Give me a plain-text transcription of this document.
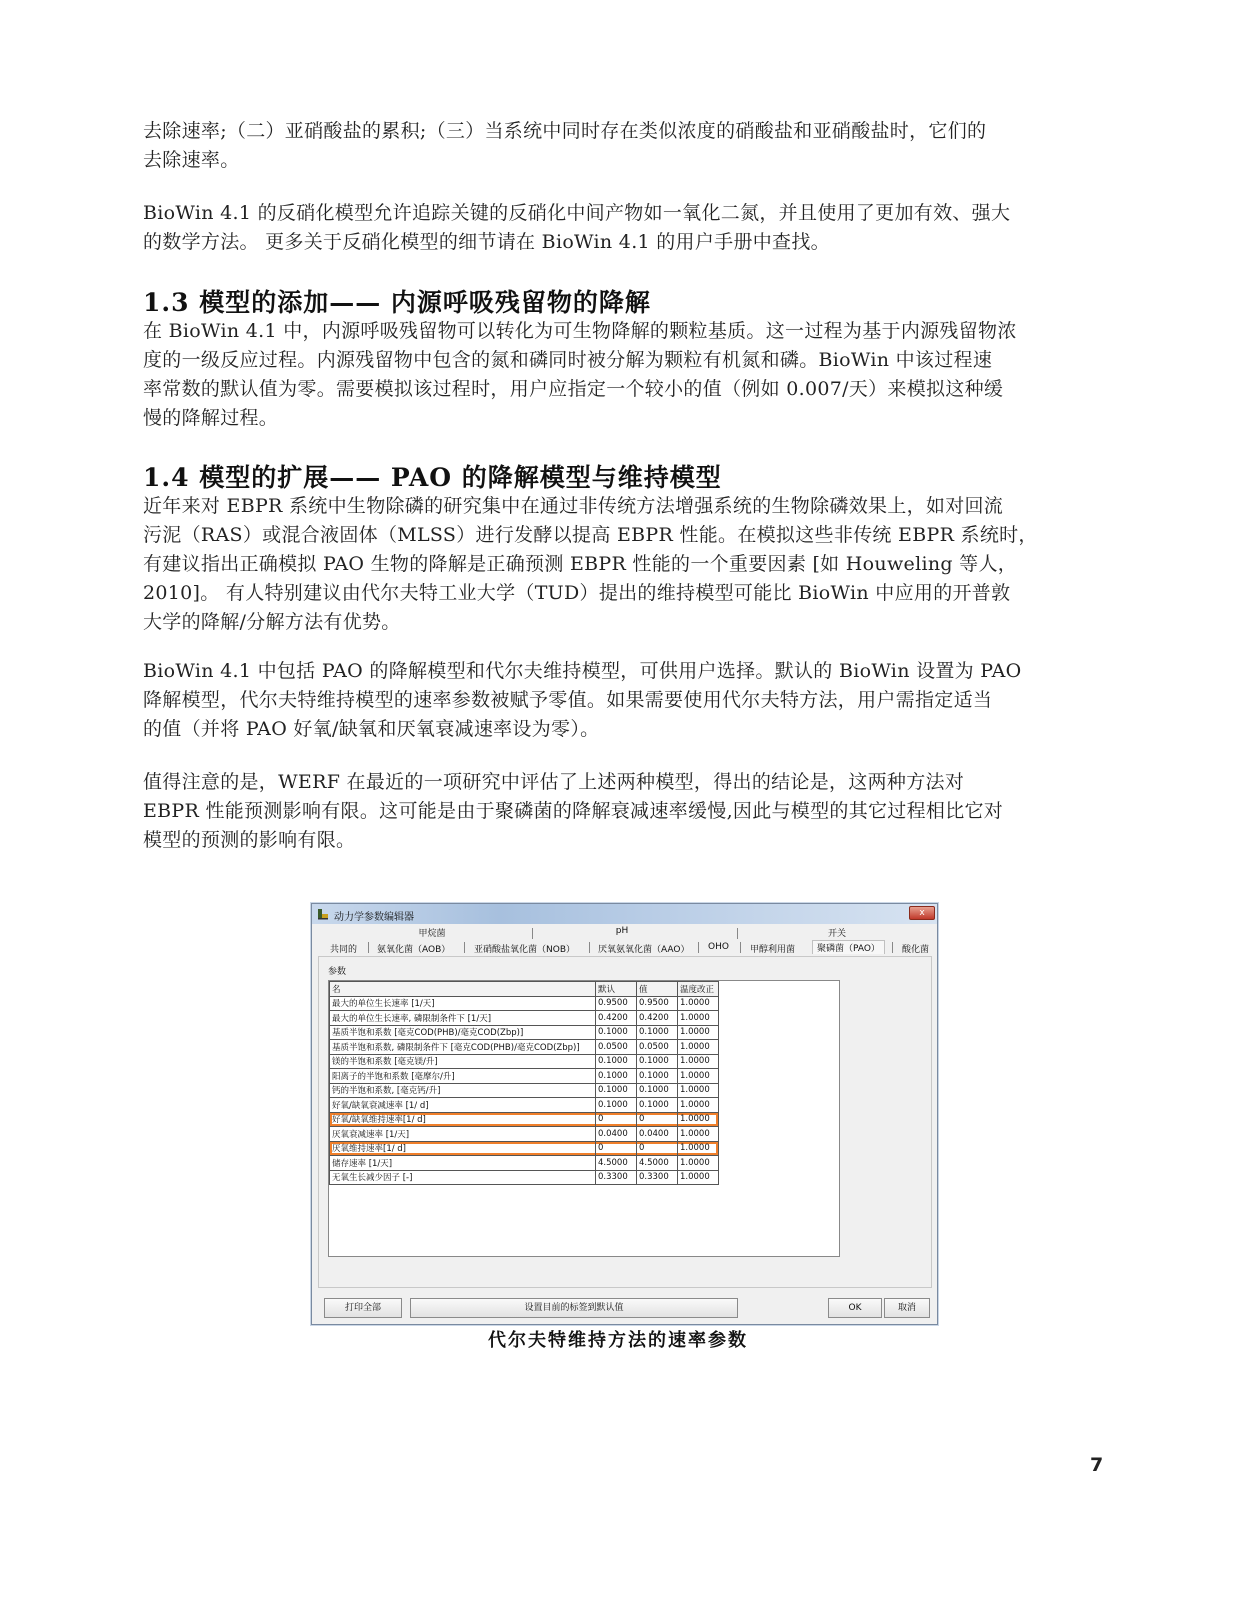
去除速率;（二）亚硝酸盐的累积;（三）当系统中同时存在类似浓度的硝酸盐和亚硝酸盐时，它们的
去除速率。
BioWin 4.1 的反硝化模型允许追踪关键的反硝化中间产物如一氧化二氮，并且使用了更加有效、强大
的数学方法。 更多关于反硝化模型的细节请在 BioWin 4.1 的用户手册中查找。
1.3 模型的添加—— 内源呼吸残留物的降解
在 BioWin 4.1 中，内源呼吸残留物可以转化为可生物降解的颗粒基质。这一过程为基于内源残留物浓
度的一级反应过程。内源残留物中包含的氮和磷同时被分解为颗粒有机氮和磷。BioWin 中该过程速
率常数的默认值为零。需要模拟该过程时，用户应指定一个较小的值（例如 0.007/天）来模拟这种缓
慢的降解过程。
1.4 模型的扩展—— PAO 的降解模型与维持模型
近年来对 EBPR 系统中生物除磷的研究集中在通过非传统方法增强系统的生物除磷效果上，如对回流
污泥（RAS）或混合液固体（MLSS）进行发酵以提高 EBPR 性能。在模拟这些非传统 EBPR 系统时，
有建议指出正确模拟 PAO 生物的降解是正确预测 EBPR 性能的一个重要因素 [如 Houweling 等人，
2010]。 有人特别建议由代尔夫特工业大学（TUD）提出的维持模型可能比 BioWin 中应用的开普敦
大学的降解/分解方法有优势。
BioWin 4.1 中包括 PAO 的降解模型和代尔夫维持模型，可供用户选择。默认的 BioWin 设置为 PAO
降解模型，代尔夫特维持模型的速率参数被赋予零值。如果需要使用代尔夫特方法，用户需指定适当
的值（并将 PAO 好氧/缺氧和厌氧衰减速率设为零）。
值得注意的是，WERF 在最近的一项研究中评估了上述两种模型，得出的结论是，这两种方法对
EBPR 性能预测影响有限。这可能是由于聚磷菌的降解衰减速率缓慢,因此与模型的其它过程相比它对
模型的预测的影响有限。
动力学参数编辑器	x
甲烷菌	pH	开关
共同的 氨氧化菌（AOB）	亚硝酸盐氧化菌（NOB）	厌氧氨氧化菌（AAO） OHO 甲醇利用菌	聚磷菌（PAO）	酸化菌
参数
名	默认	值	温度改正
最大的单位生长速率 [1/天]	0.9500	0.9500	1.0000
最大的单位生长速率, 磷限制条件下 [1/天]	0.4200	0.4200	1.0000
基质半饱和系数 [毫克COD(PHB)/毫克COD(Zbp)]	0.1000	0.1000	1.0000
基质半饱和系数, 磷限制条件下 [毫克COD(PHB)/毫克COD(Zbp)]	0.0500	0.0500	1.0000
镁的半饱和系数 [毫克镁/升]	0.1000	0.1000	1.0000
阳离子的半饱和系数 [毫摩尔/升]	0.1000	0.1000	1.0000
钙的半饱和系数, [毫克钙/升]	0.1000	0.1000	1.0000
好氧/缺氧衰减速率 [1/ d]	0.1000	0.1000	1.0000
好氧/缺氧维持速率[1/ d]	0	0	1.0000
厌氧衰减速率 [1/天]	0.0400	0.0400	1.0000
厌氧维持速率[1/ d]	0	0	1.0000
储存速率 [1/天]	4.5000	4.5000	1.0000
无氧生长减少因子 [-]	0.3300	0.3300	1.0000
打印全部	设置目前的标签到默认值	OK	取消
代尔夫特维持方法的速率参数
7
